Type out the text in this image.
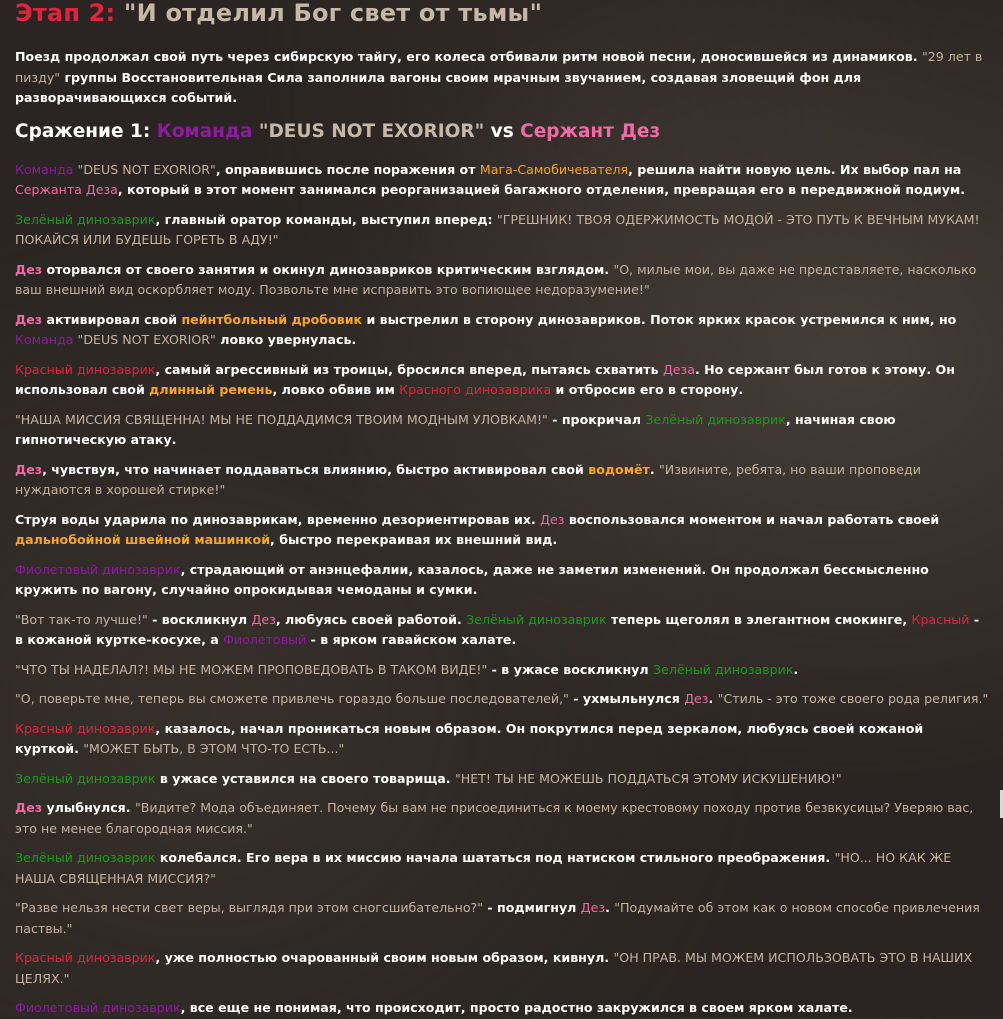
Этап 2: "И отделил Бог свет от тьмы"

Поезд продолжал свой путь через сибирскую тайгу, его колеса отбивали ритм новой песни, доносившейся из динамиков. "29 лет в пизду" группы Восстановительная Сила заполнила вагоны своим мрачным звучанием, создавая зловещий фон для разворачивающихся событий.

Сражение 1: Команда "DEUS NOT EXORIOR" vs Сержант Дез

Команда "DEUS NOT EXORIOR", оправившись после поражения от Мага-Самобичевателя, решила найти новую цель. Их выбор пал на Сержанта Деза, который в этот момент занимался реорганизацией багажного отделения, превращая его в передвижной подиум.

Зелёный динозаврик, главный оратор команды, выступил вперед: "ГРЕШНИК! ТВОЯ ОДЕРЖИМОСТЬ МОДОЙ - ЭТО ПУТЬ К ВЕЧНЫМ МУКАМ! ПОКАЙСЯ ИЛИ БУДЕШЬ ГОРЕТЬ В АДУ!"

Дез оторвался от своего занятия и окинул динозавриков критическим взглядом. "О, милые мои, вы даже не представляете, насколько ваш внешний вид оскорбляет моду. Позвольте мне исправить это вопиющее недоразумение!"

Дез активировал свой пейнтбольный дробовик и выстрелил в сторону динозавриков. Поток ярких красок устремился к ним, но Команда "DEUS NOT EXORIOR" ловко увернулась.

Красный динозаврик, самый агрессивный из троицы, бросился вперед, пытаясь схватить Деза. Но сержант был готов к этому. Он использовал свой длинный ремень, ловко обвив им Красного динозаврика и отбросив его в сторону.

"НАША МИССИЯ СВЯЩЕННА! МЫ НЕ ПОДДАДИМСЯ ТВОИМ МОДНЫМ УЛОВКАМ!" - прокричал Зелёный динозаврик, начиная свою гипнотическую атаку.

Дез, чувствуя, что начинает поддаваться влиянию, быстро активировал свой водомёт. "Извините, ребята, но ваши проповеди нуждаются в хорошей стирке!"

Струя воды ударила по динозаврикам, временно дезориентировав их. Дез воспользовался моментом и начал работать своей дальнобойной швейной машинкой, быстро перекраивая их внешний вид.

Фиолетовый динозаврик, страдающий от анэнцефалии, казалось, даже не заметил изменений. Он продолжал бессмысленно кружить по вагону, случайно опрокидывая чемоданы и сумки.

"Вот так-то лучше!" - воскликнул Дез, любуясь своей работой. Зелёный динозаврик теперь щеголял в элегантном смокинге, Красный - в кожаной куртке-косухе, а Фиолетовый - в ярком гавайском халате.

"ЧТО ТЫ НАДЕЛАЛ?! МЫ НЕ МОЖЕМ ПРОПОВЕДОВАТЬ В ТАКОМ ВИДЕ!" - в ужасе воскликнул Зелёный динозаврик.

"О, поверьте мне, теперь вы сможете привлечь гораздо больше последователей," - ухмыльнулся Дез. "Стиль - это тоже своего рода религия."

Красный динозаврик, казалось, начал проникаться новым образом. Он покрутился перед зеркалом, любуясь своей кожаной курткой. "МОЖЕТ БЫТЬ, В ЭТОМ ЧТО-ТО ЕСТЬ..."

Зелёный динозаврик в ужасе уставился на своего товарища. "НЕТ! ТЫ НЕ МОЖЕШЬ ПОДДАТЬСЯ ЭТОМУ ИСКУШЕНИЮ!"

Дез улыбнулся. "Видите? Мода объединяет. Почему бы вам не присоединиться к моему крестовому походу против безвкусицы? Уверяю вас, это не менее благородная миссия."

Зелёный динозаврик колебался. Его вера в их миссию начала шататься под натиском стильного преображения. "НО... НО КАК ЖЕ НАША СВЯЩЕННАЯ МИССИЯ?"

"Разве нельзя нести свет веры, выглядя при этом сногсшибательно?" - подмигнул Дез. "Подумайте об этом как о новом способе привлечения паствы."

Красный динозаврик, уже полностью очарованный своим новым образом, кивнул. "ОН ПРАВ. МЫ МОЖЕМ ИСПОЛЬЗОВАТЬ ЭТО В НАШИХ ЦЕЛЯХ."

Фиолетовый динозаврик, все еще не понимая, что происходит, просто радостно закружился в своем ярком халате.
